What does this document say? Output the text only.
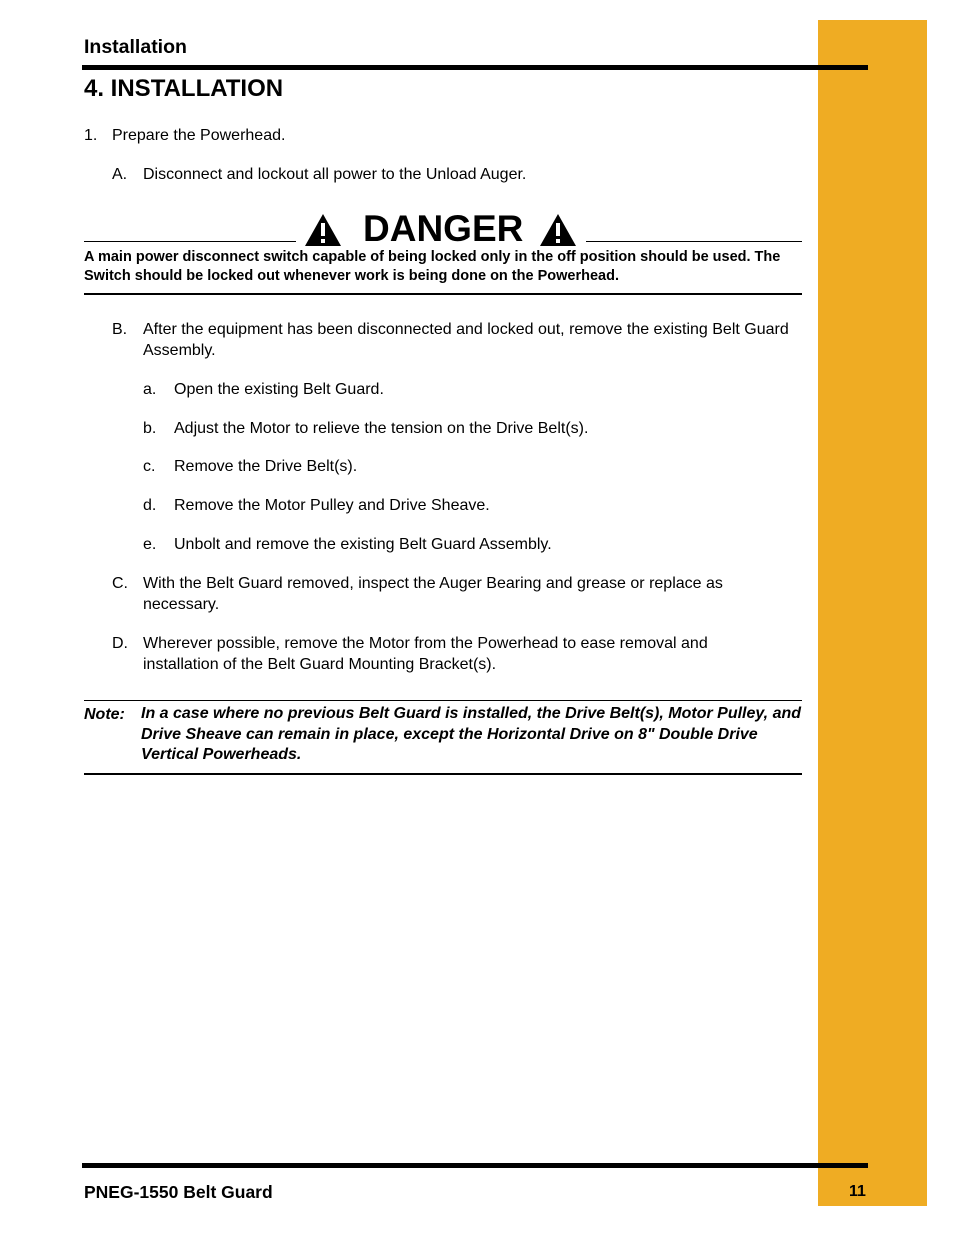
Installation
4. INSTALLATION
1. Prepare the Powerhead.
A. Disconnect and lockout all power to the Unload Auger.
DANGER
A main power disconnect switch capable of being locked only in the off position should be used. The Switch should be locked out whenever work is being done on the Powerhead.
B. After the equipment has been disconnected and locked out, remove the existing Belt Guard Assembly.
a. Open the existing Belt Guard.
b. Adjust the Motor to relieve the tension on the Drive Belt(s).
c. Remove the Drive Belt(s).
d. Remove the Motor Pulley and Drive Sheave.
e. Unbolt and remove the existing Belt Guard Assembly.
C. With the Belt Guard removed, inspect the Auger Bearing and grease or replace as necessary.
D. Wherever possible, remove the Motor from the Powerhead to ease removal and installation of the Belt Guard Mounting Bracket(s).
Note: In a case where no previous Belt Guard is installed, the Drive Belt(s), Motor Pulley, and Drive Sheave can remain in place, except the Horizontal Drive on 8" Double Drive Vertical Powerheads.
PNEG-1550 Belt Guard	11
